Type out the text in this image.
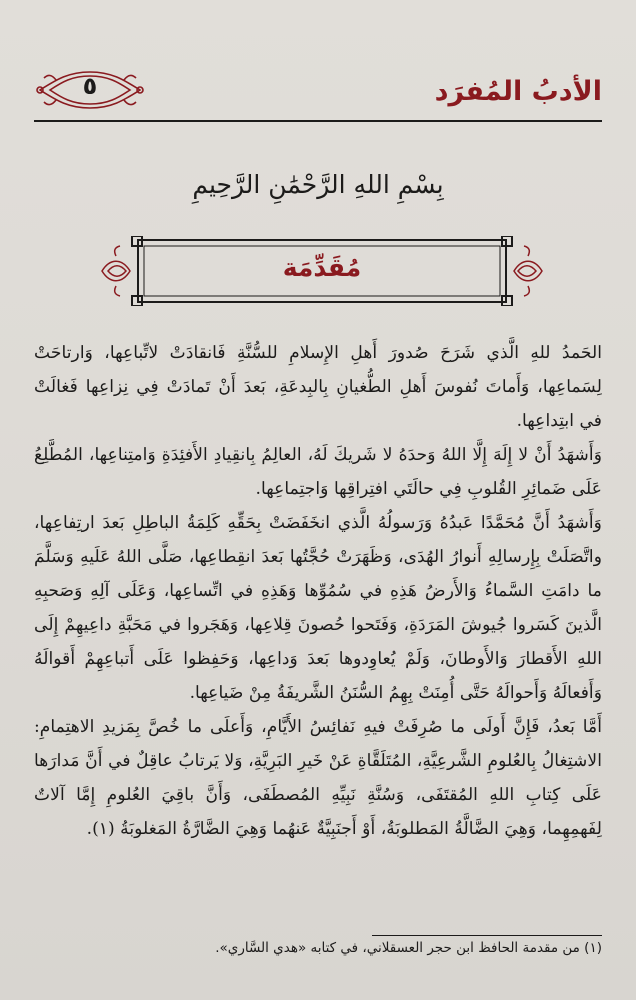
الأدبُ المُفرَد
٥
بِسْمِ اللهِ الرَّحْمَٰنِ الرَّحِيمِ
مُقَدِّمَة

الحَمدُ للهِ الَّذي شَرَحَ صُدورَ أَهلِ الإِسلامِ للسُّنَّةِ فَانقادَتْ لاتِّباعِها، وَارتاحَتْ لِسَماعِها، وَأَماتَ نُفوسَ أَهلِ الطُّغيانِ بِالبِدعَةِ، بَعدَ أَنْ تَمادَتْ فِي نِزاعِها فَغالَتْ في ابتِداعِها.

وَأَشهَدُ أَنْ لا إِلَهَ إِلَّا اللهُ وَحدَهُ لا شَريكَ لَهُ، العالِمُ بِانقِيادِ الأَفئِدَةِ وَامتِناعِها، المُطَّلِعُ عَلَى ضَمائِرِ القُلوبِ فِي حالَتَي افتِراقِها وَاجتِماعِها.

وَأَشهَدُ أَنَّ مُحَمَّدًا عَبدُهُ وَرَسولُهُ الَّذي انخَفَضَتْ بِحَقِّهِ كَلِمَةُ الباطِلِ بَعدَ ارتِفاعِها، واتَّصَلَتْ بِإِرسالِهِ أَنوارُ الهُدَى، وَظَهَرَتْ حُجَّتُها بَعدَ انقِطاعِها، صَلَّى اللهُ عَلَيهِ وَسَلَّمَ ما دامَتِ السَّماءُ وَالأَرضُ هَذِهِ في سُمُوِّها وَهَذِهِ في اتِّساعِها، وَعَلَى آلِهِ وَصَحبِهِ الَّذينَ كَسَروا جُيوشَ المَرَدَةِ، وَفَتَحوا حُصونَ قِلاعِها، وَهَجَروا في مَحَبَّةِ داعِيهِمْ إِلَى اللهِ الأَقطارَ وَالأَوطانَ، وَلَمْ يُعاوِدوها بَعدَ وَداعِها، وَحَفِظوا عَلَى أَتباعِهِمْ أَقوالَهُ وَأَفعالَهُ وَأَحوالَهُ حَتَّى أُمِنَتْ بِهِمُ السُّنَنُ الشَّريفَةُ مِنْ ضَياعِها.

أَمَّا بَعدُ، فَإِنَّ أَولَى ما صُرِفَتْ فيهِ نَفائِسُ الأَيَّامِ، وَأَعلَى ما خُصَّ بِمَزيدِ الاهتِمامِ: الاشتِغالُ بِالعُلومِ الشَّرعِيَّةِ، المُتَلَقَّاةِ عَنْ خَيرِ البَرِيَّةِ، وَلا يَرتابُ عاقِلٌ في أَنَّ مَدارَها عَلَى كِتابِ اللهِ المُقتَفَى، وَسُنَّةِ نَبِيِّهِ المُصطَفَى، وَأَنَّ باقِيَ العُلومِ إِمَّا آلاتٌ لِفَهمِهِما، وَهِيَ الضَّالَّةُ المَطلوبَةُ، أَوْ أَجنَبِيَّةٌ عَنهُما وَهِيَ الضَّارَّةُ المَغلوبَةُ (١).

(١) من مقدمة الحافظ ابن حجر العسقلاني، في كتابه «هدي السَّاري».
